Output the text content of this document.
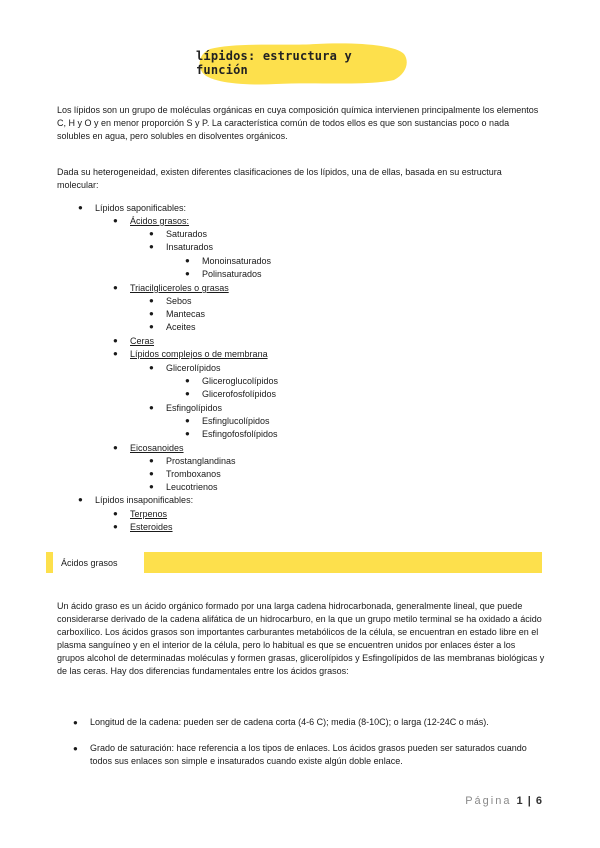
lípidos: estructura y función
Los lípidos son un grupo de moléculas orgánicas en cuya composición química intervienen principalmente los elementos C, H y O y en menor proporción S y P. La característica común de todos ellos es que son sustancias poco o nada solubles en agua, pero solubles en disolventes orgánicos.
Dada su heterogeneidad, existen diferentes clasificaciones de los lípidos, una de ellas, basada en su estructura molecular:
● Lípidos saponificables:
● Ácidos grasos:
● Saturados
● Insaturados
● Monoinsaturados
● Polinsaturados
● Triacilgliceroles o grasas
● Sebos
● Mantecas
● Aceites
● Ceras
● Lípidos complejos o de membrana
● Glicerolípidos
● Gliceroglucolípidos
● Glicerofosfolípidos
● Esfingolípidos
● Esfinglucolípidos
● Esfingofosfolípidos
● Eicosanoides
● Prostanglandinas
● Tromboxanos
● Leucotrienos
● Lípidos insaponificables:
● Terpenos
● Esteroides
Ácidos grasos
Un ácido graso es un ácido orgánico formado por una larga cadena hidrocarbonada, generalmente lineal, que puede considerarse derivado de la cadena alifática de un hidrocarburo, en la que un grupo metilo terminal se ha oxidado a ácido carboxílico. Los ácidos grasos son importantes carburantes metabólicos de la célula, se encuentran en estado libre en el plasma sanguíneo y en el interior de la célula, pero lo habitual es que se encuentren unidos por enlaces éster a los grupos alcohol de determinadas moléculas y formen grasas, glicerolípidos y Esfingolípidos de las membranas biológicas y de las ceras. Hay dos diferencias fundamentales entre los ácidos grasos:
● Longitud de la cadena: pueden ser de cadena corta (4-6 C); media (8-10C); o larga (12-24C o más).
● Grado de saturación: hace referencia a los tipos de enlaces. Los ácidos grasos pueden ser saturados cuando todos sus enlaces son simple e insaturados cuando existe algún doble enlace.
Página 1 | 6
